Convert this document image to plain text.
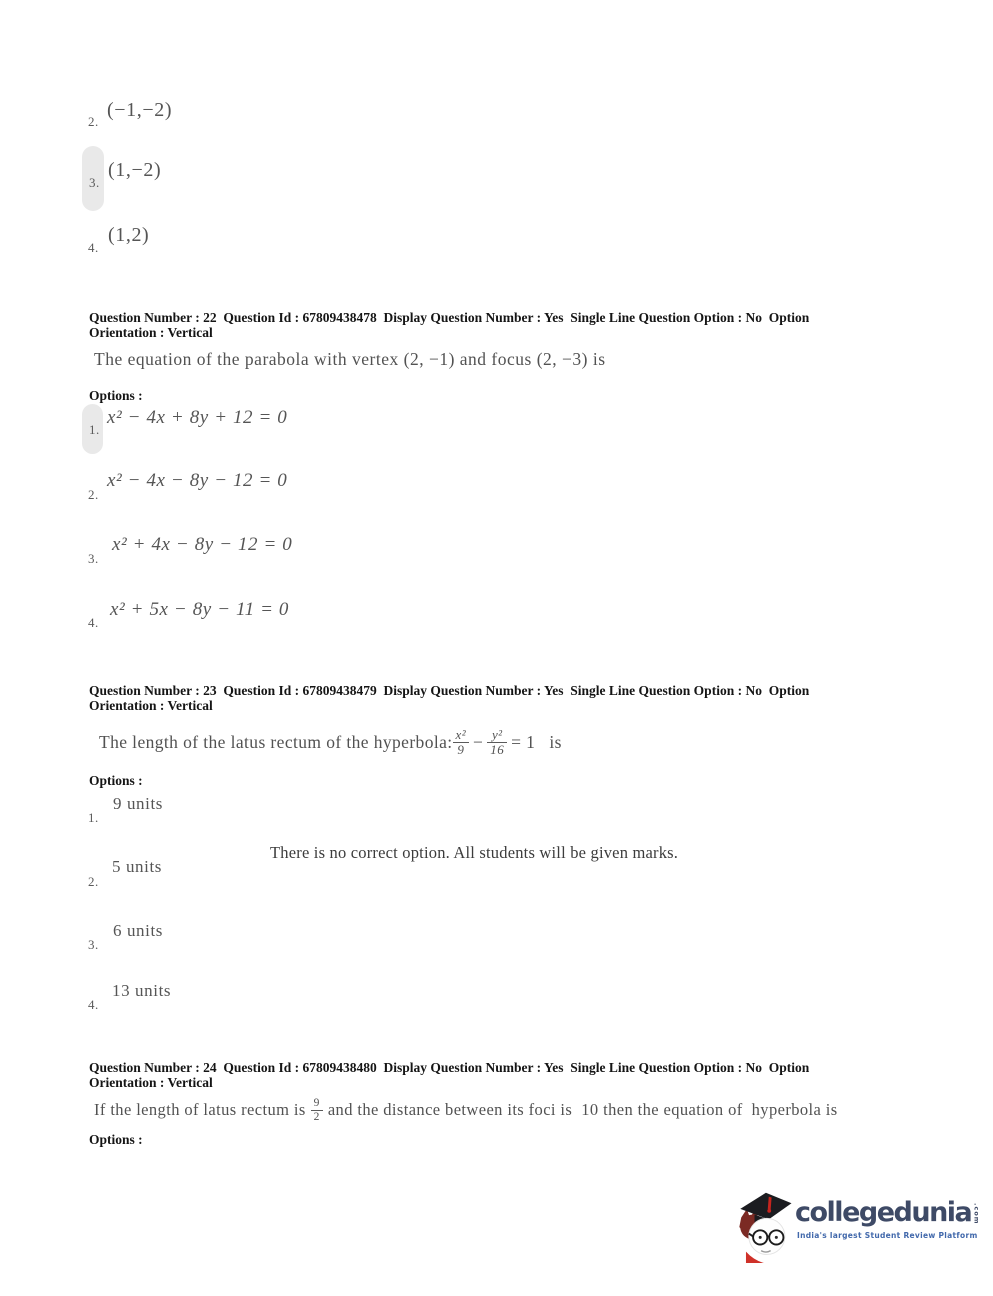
2.
(−1,−2)
3.
(1,−2)
4.
(1,2)
Question Number : 22  Question Id : 67809438478  Display Question Number : Yes  Single Line Question Option : No  Option
Orientation : Vertical
The equation of the parabola with vertex (2, −1) and focus (2, −3) is
Options :
1.
x² − 4x + 8y + 12 = 0
2.
x² − 4x − 8y − 12 = 0
3.
x² + 4x − 8y − 12 = 0
4.
x² + 5x − 8y − 11 = 0
Question Number : 23  Question Id : 67809438479  Display Question Number : Yes  Single Line Question Option : No  Option
Orientation : Vertical
The length of the latus rectum of the hyperbola: $\frac{\text{x²}}{9} - \frac{\text{y²}}{16} = 1$ is
Options :
1.
9 units
There is no correct option. All students will be given marks.
2.
5 units
3.
6 units
4.
13 units
Question Number : 24  Question Id : 67809438480  Display Question Number : Yes  Single Line Question Option : No  Option
Orientation : Vertical
If the length of latus rectum is $\frac{9}{2}$ and the distance between its foci is  10 then the equation of  hyperbola is
Options :
collegedunia .com
India's largest Student Review Platform
